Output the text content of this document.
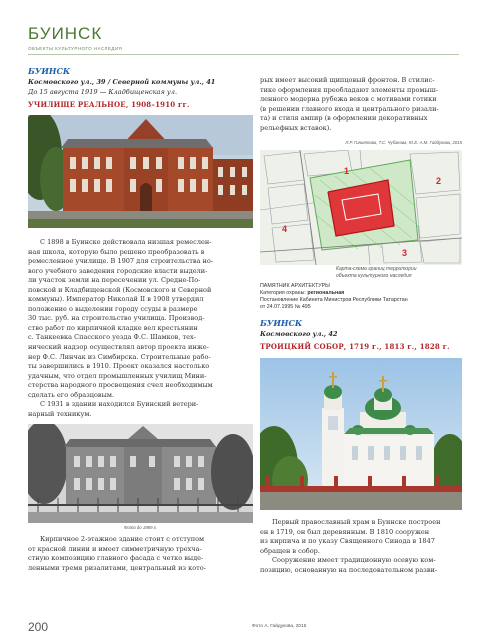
БУИНСК
ОБЪЕКТЫ КУЛЬТУРНОГО НАСЛЕДИЯ
БУИНСК
Космовского ул., 39 / Северной коммуны ул., 41
До 15 августа 1919 — Кладбищенская ул.
УЧИЛИЩЕ РЕАЛЬНОЕ, 1908–1910 гг.
С 1898 в Буинске действовала низшая ремеслен-
ная школа, которую было решено преобразовать в
ремесленное училище. В 1907 для строительства но-
вого учебного заведения городские власти выдели-
ли участок земли на пересечении ул. Средне-По-
повской и Кладбищенской (Космовского и Северной
коммуны). Император Николай II в 1908 утвердил
положение о выделении городу ссуды в размере
30 тыс. руб. на строительство училища. Производ-
ство работ по кирпичной кладке вел крестьянин
с. Танкеевка Спасского уезда Ф.С. Шамков, тех-
нический надзор осуществлял автор проекта инже-
нер Ф.С. Линчак из Симбирска. Строительные рабо-
ты завершились в 1910. Проект оказался настолько
удачным, что отдел промышленных училищ Мини-
стерства народного просвещения счел необходимым
сделать его образцовым.
С 1931 в здании находился Буинский ветери-
нарный техникум.
Фото до 1989 г.
Кирпичное 2-этажное здание стоит с отступом
от красной линии и имеет симметричную трехча-
стную композицию главного фасада с четко выде-
ленными тремя ризалитами, центральный из кото-
рых имеет высокий щипцовый фронтон. В стилис-
тике оформления преобладают элементы промыш-
ленного модерна рубежа веков с мотивами готики
(в решении главного входа и центрального ризали-
та) и стиля ампир (в оформлении декоративных
рельефных вставок).
Л.Р. Гиниятова, Т.С. Чубакова, Ю.Е. А.М. Гайдукова, 2015
1
2
3
4
Карта-схема границ территории
объекта культурного наследия
ПАМЯТНИК АРХИТЕКТУРЫ
Категория охраны: региональная
Постановление Кабинета Министров Республики Татарстан
от 24.07.1995 № 495
БУИНСК
Космовского ул., 42
ТРОИЦКИЙ СОБОР, 1719 г., 1813 г., 1828 г.
Первый православный храм в Буинске построен
ен в 1719, он был деревянным. В 1810 сооружен
из кирпича и по указу Священного Синода в 1847
обращен в собор.
Сооружение имеет традиционную осевую ком-
позицию, основанную на последовательном разви-
200	Фото А. Гайдукова, 2015
